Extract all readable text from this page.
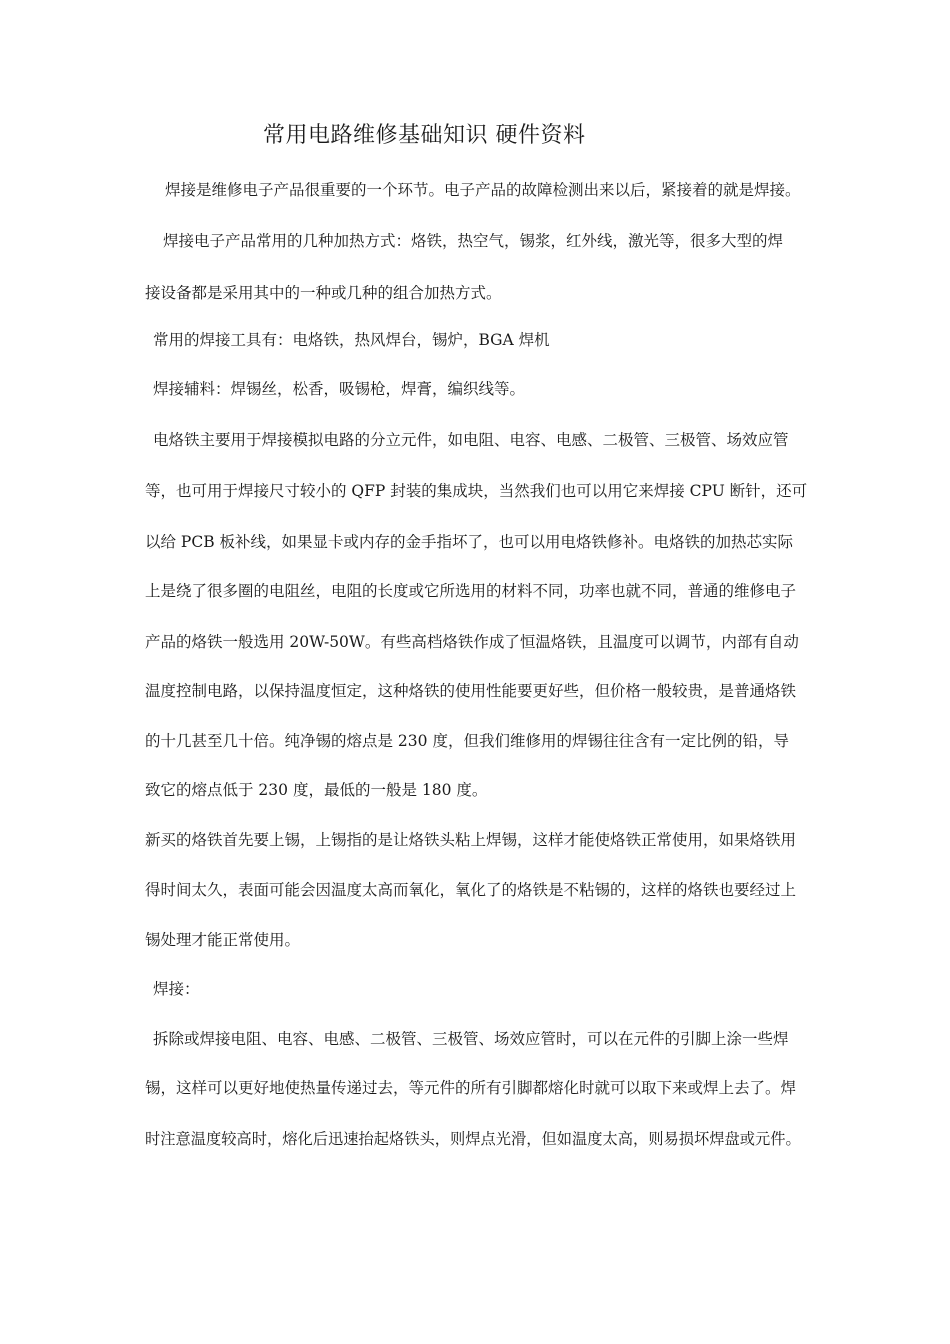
常用电路维修基础知识 硬件资料
焊接是维修电子产品很重要的一个环节。电子产品的故障检测出来以后，紧接着的就是焊接。
焊接电子产品常用的几种加热方式：烙铁，热空气，锡浆，红外线，激光等，很多大型的焊
接设备都是采用其中的一种或几种的组合加热方式。
常用的焊接工具有：电烙铁，热风焊台，锡炉，BGA 焊机
焊接辅料：焊锡丝，松香，吸锡枪，焊膏，编织线等。
电烙铁主要用于焊接模拟电路的分立元件，如电阻、电容、电感、二极管、三极管、场效应管
等，也可用于焊接尺寸较小的 QFP 封装的集成块，当然我们也可以用它来焊接 CPU 断针，还可
以给 PCB 板补线，如果显卡或内存的金手指坏了，也可以用电烙铁修补。电烙铁的加热芯实际
上是绕了很多圈的电阻丝，电阻的长度或它所选用的材料不同，功率也就不同，普通的维修电子
产品的烙铁一般选用 20W-50W。有些高档烙铁作成了恒温烙铁，且温度可以调节，内部有自动
温度控制电路，以保持温度恒定，这种烙铁的使用性能要更好些，但价格一般较贵，是普通烙铁
的十几甚至几十倍。纯净锡的熔点是 230 度，但我们维修用的焊锡往往含有一定比例的铅，导
致它的熔点低于 230 度，最低的一般是 180 度。
新买的烙铁首先要上锡，上锡指的是让烙铁头粘上焊锡，这样才能使烙铁正常使用，如果烙铁用
得时间太久，表面可能会因温度太高而氧化，氧化了的烙铁是不粘锡的，这样的烙铁也要经过上
锡处理才能正常使用。
焊接：
拆除或焊接电阻、电容、电感、二极管、三极管、场效应管时，可以在元件的引脚上涂一些焊
锡，这样可以更好地使热量传递过去，等元件的所有引脚都熔化时就可以取下来或焊上去了。焊
时注意温度较高时，熔化后迅速抬起烙铁头，则焊点光滑，但如温度太高，则易损坏焊盘或元件。
